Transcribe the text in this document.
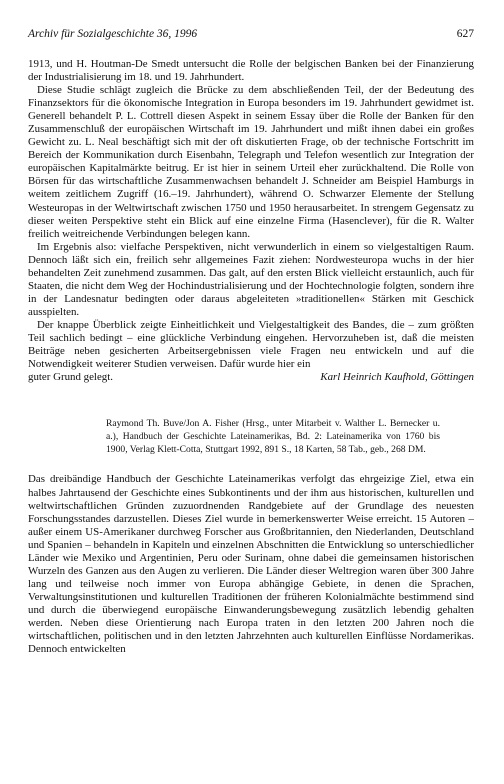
Archiv für Sozialgeschichte 36, 1996	627

1913, und H. Houtman-De Smedt untersucht die Rolle der belgischen Banken bei der Finanzierung der Industrialisierung im 18. und 19. Jahrhundert.

Diese Studie schlägt zugleich die Brücke zu dem abschließenden Teil, der der Bedeutung des Finanzsektors für die ökonomische Integration in Europa besonders im 19. Jahrhundert gewidmet ist. Generell behandelt P. L. Cottrell diesen Aspekt in seinem Essay über die Rolle der Banken für den Zusammenschluß der europäischen Wirtschaft im 19. Jahrhundert und mißt ihnen dabei ein großes Gewicht zu. L. Neal beschäftigt sich mit der oft diskutierten Frage, ob der technische Fortschritt im Bereich der Kommunikation durch Eisenbahn, Telegraph und Telefon wesentlich zur Integration der europäischen Kapitalmärkte beitrug. Er ist hier in seinem Urteil eher zurückhaltend. Die Rolle von Börsen für das wirtschaftliche Zusammenwachsen behandelt J. Schneider am Beispiel Hamburgs in weitem zeitlichem Zugriff (16.–19. Jahrhundert), während O. Schwarzer Elemente der Stellung Westeuropas in der Weltwirtschaft zwischen 1750 und 1950 herausarbeitet. In strengem Gegensatz zu dieser weiten Perspektive steht ein Blick auf eine einzelne Firma (Hasenclever), für die R. Walter freilich weitreichende Verbindungen belegen kann.

Im Ergebnis also: vielfache Perspektiven, nicht verwunderlich in einem so vielgestaltigen Raum. Dennoch läßt sich ein, freilich sehr allgemeines Fazit ziehen: Nordwesteuropa wuchs in der hier behandelten Zeit zunehmend zusammen. Das galt, auf den ersten Blick vielleicht erstaunlich, auch für Staaten, die nicht dem Weg der Hochindustrialisierung und der Hochtechnologie folgten, sondern ihre in der Landesnatur bedingten oder daraus abgeleiteten »traditionellen« Stärken mit Geschick ausspielten.

Der knappe Überblick zeigte Einheitlichkeit und Vielgestaltigkeit des Bandes, die – zum größten Teil sachlich bedingt – eine glückliche Verbindung eingehen. Hervorzuheben ist, daß die meisten Beiträge neben gesicherten Arbeitsergebnissen viele Fragen neu entwickeln und auf die Notwendigkeit weiterer Studien verweisen. Dafür wurde hier ein

guter Grund gelegt.	Karl Heinrich Kaufhold, Göttingen

Raymond Th. Buve/Jon A. Fisher (Hrsg., unter Mitarbeit v. Walther L. Bernecker u. a.), Handbuch der Geschichte Lateinamerikas, Bd. 2: Lateinamerika von 1760 bis 1900, Verlag Klett-Cotta, Stuttgart 1992, 891 S., 18 Karten, 58 Tab., geb., 268 DM.

Das dreibändige Handbuch der Geschichte Lateinamerikas verfolgt das ehrgeizige Ziel, etwa ein halbes Jahrtausend der Geschichte eines Subkontinents und der ihm aus historischen, kulturellen und weltwirtschaftlichen Gründen zuzuordnenden Randgebiete auf der Grundlage des neuesten Forschungsstandes darzustellen. Dieses Ziel wurde in bemerkenswerter Weise erreicht. 15 Autoren – außer einem US-Amerikaner durchweg Forscher aus Großbritannien, den Niederlanden, Deutschland und Spanien – behandeln in Kapiteln und einzelnen Abschnitten die Entwicklung so unterschiedlicher Länder wie Mexiko und Argentinien, Peru oder Surinam, ohne dabei die gemeinsamen historischen Wurzeln des Ganzen aus den Augen zu verlieren. Die Länder dieser Weltregion waren über 300 Jahre lang und teilweise noch immer von Europa abhängige Gebiete, in denen die Sprachen, Verwaltungsinstitutionen und kulturellen Traditionen der früheren Kolonialmächte bestimmend sind und durch die überwiegend europäische Einwanderungsbewegung zusätzlich lebendig gehalten werden. Neben diese Orientierung nach Europa traten in den letzten 200 Jahren noch die wirtschaftlichen, politischen und in den letzten Jahrzehnten auch kulturellen Einflüsse Nordamerikas. Dennoch entwickelten
